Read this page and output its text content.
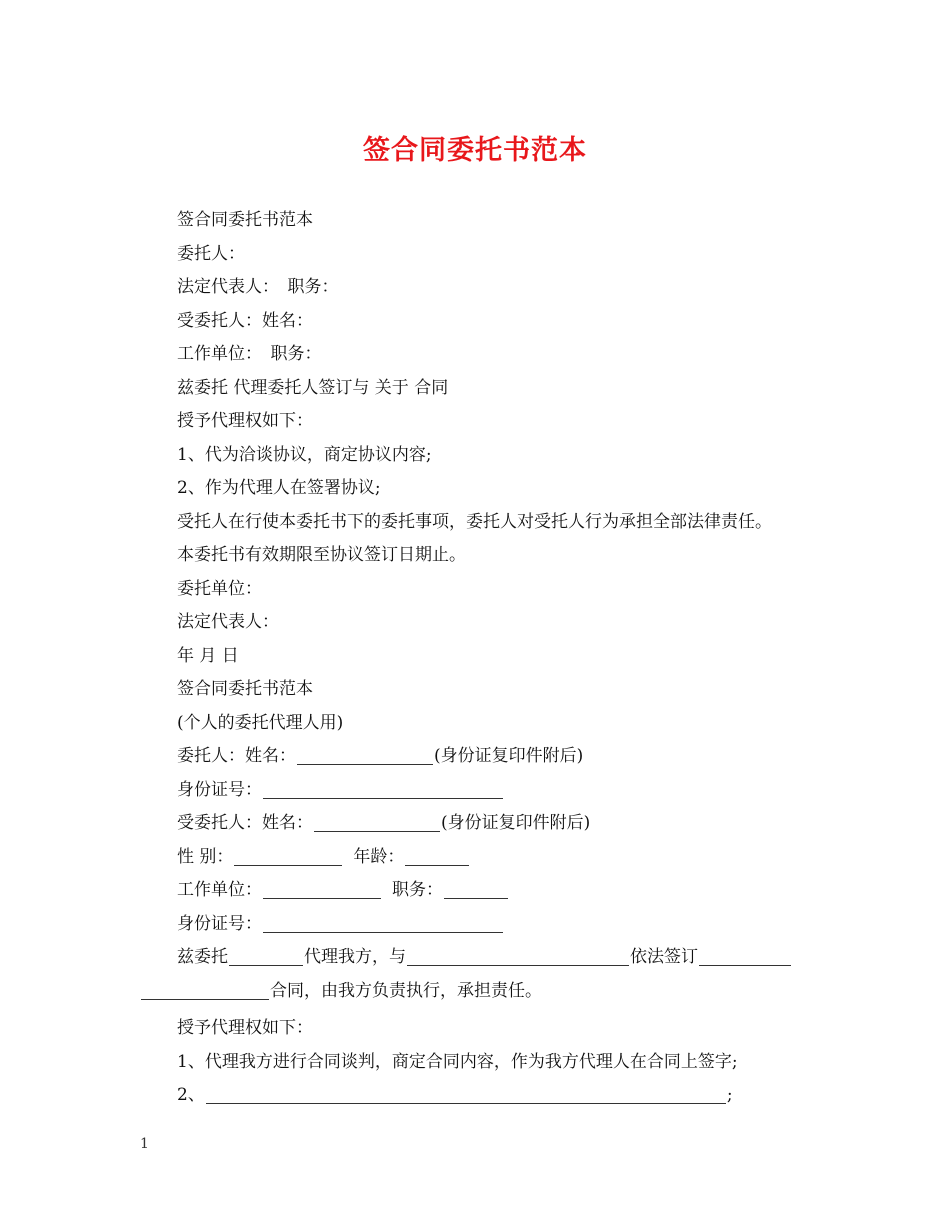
签合同委托书范本
签合同委托书范本
委托人：
法定代表人：　职务：
受委托人：姓名：
工作单位：　职务：
兹委托 代理委托人签订与 关于 合同
授予代理权如下：
1、代为洽谈协议，商定协议内容;
2、作为代理人在签署协议;
受托人在行使本委托书下的委托事项，委托人对受托人行为承担全部法律责任。
本委托书有效期限至协议签订日期止。
委托单位：
法定代表人：
年 月 日
签合同委托书范本
(个人的委托代理人用)
委托人：姓名：	(身份证复印件附后)
身份证号：
受委托人：姓名：	(身份证复印件附后)
性 别：	年龄：
工作单位：	职务：
身份证号：
兹委托	代理我方，与	依法签订
合同，由我方负责执行，承担责任。
授予代理权如下：
1、代理我方进行合同谈判，商定合同内容，作为我方代理人在合同上签字;
2、	;
1
